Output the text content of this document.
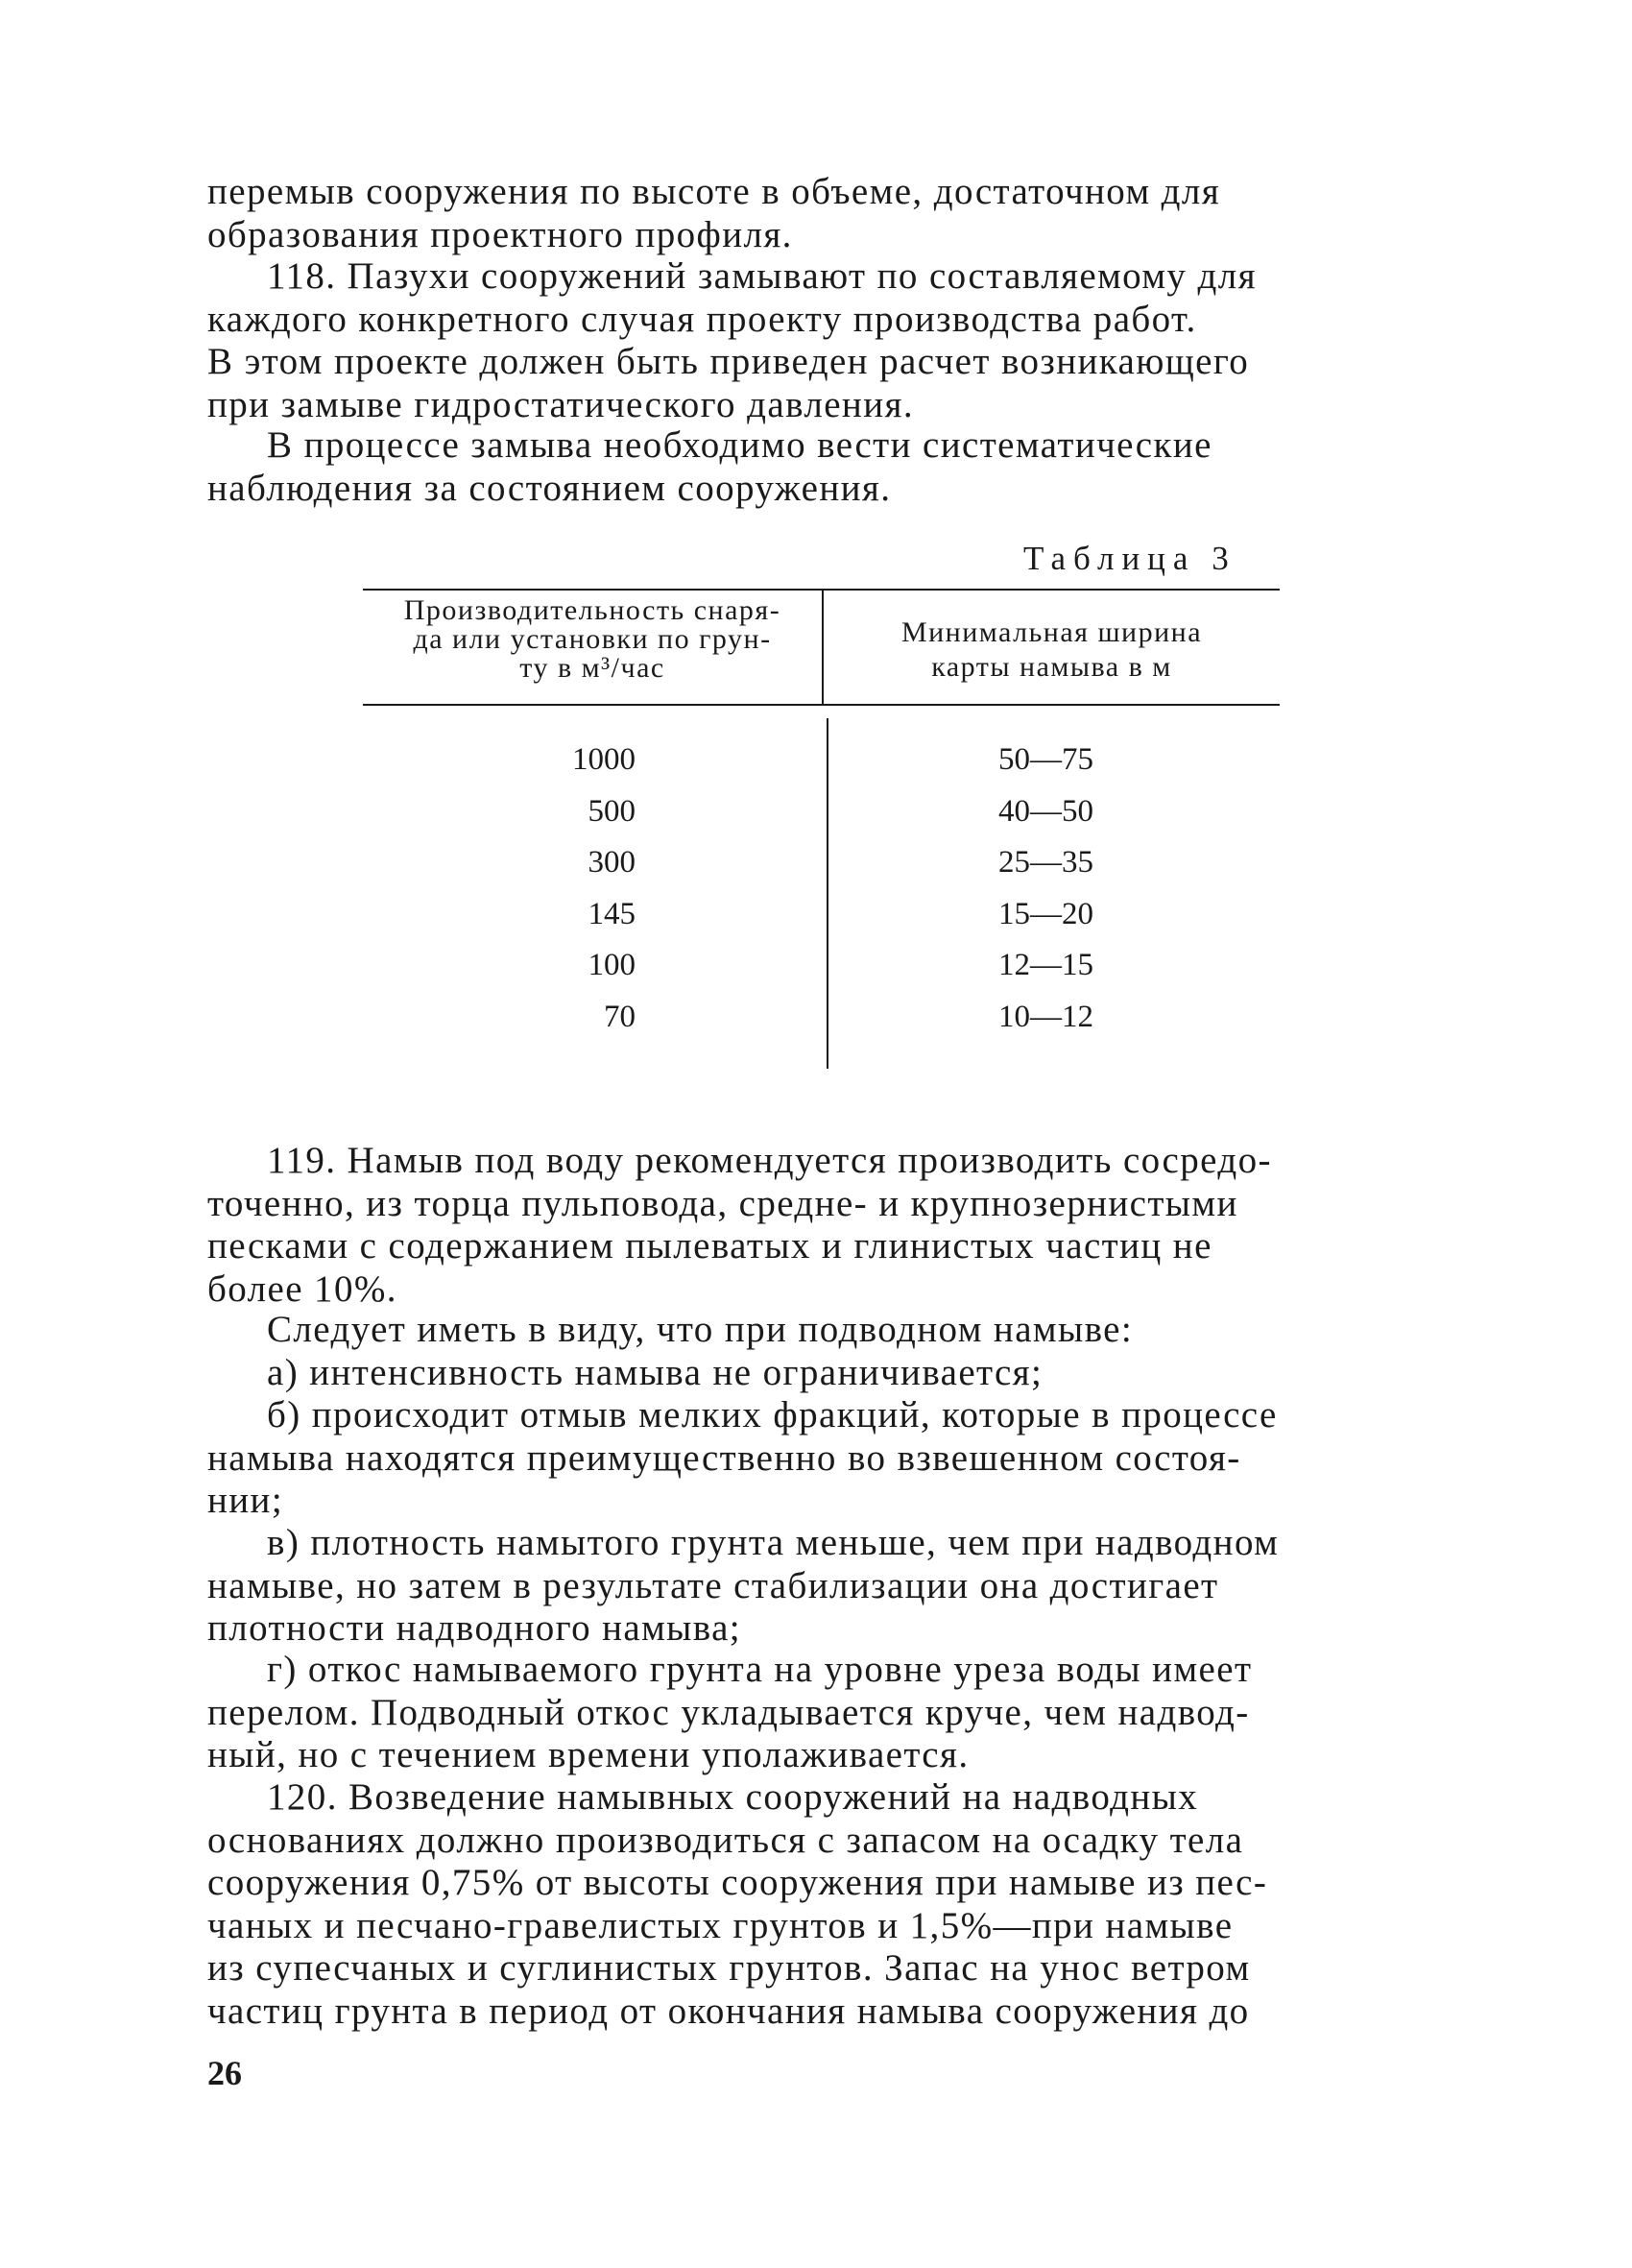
перемыв сооружения по высоте в объеме, достаточном для
образования проектного профиля.

118. Пазухи сооружений замывают по составляемому для
каждого конкретного случая проекту производства работ.
В этом проекте должен быть приведен расчет возникающего
при замыве гидростатического давления.

В процессе замыва необходимо вести систематические
наблюдения за состоянием сооружения.

Таблица 3

Производительность снаря-
да или установки по грун-
ту в м³/час
Минимальная ширина
карты намыва в м

1000	50—75

500	40—50

300	25—35

145	15—20

100	12—15

70	10—12

119. Намыв под воду рекомендуется производить сосредо-
точенно, из торца пульповода, средне- и крупнозернистыми
песками с содержанием пылеватых и глинистых частиц не
более 10%.

Следует иметь в виду, что при подводном намыве:

а) интенсивность намыва не ограничивается;

б) происходит отмыв мелких фракций, которые в процессе
намыва находятся преимущественно во взвешенном состоя-
нии;

в) плотность намытого грунта меньше, чем при надводном
намыве, но затем в результате стабилизации она достигает
плотности надводного намыва;

г) откос намываемого грунта на уровне уреза воды имеет
перелом. Подводный откос укладывается круче, чем надвод-
ный, но с течением времени уполаживается.

120. Возведение намывных сооружений на надводных
основаниях должно производиться с запасом на осадку тела
сооружения 0,75% от высоты сооружения при намыве из пес-
чаных и песчано-гравелистых грунтов и 1,5%—при намыве
из супесчаных и суглинистых грунтов. Запас на унос ветром
частиц грунта в период от окончания намыва сооружения до

26
